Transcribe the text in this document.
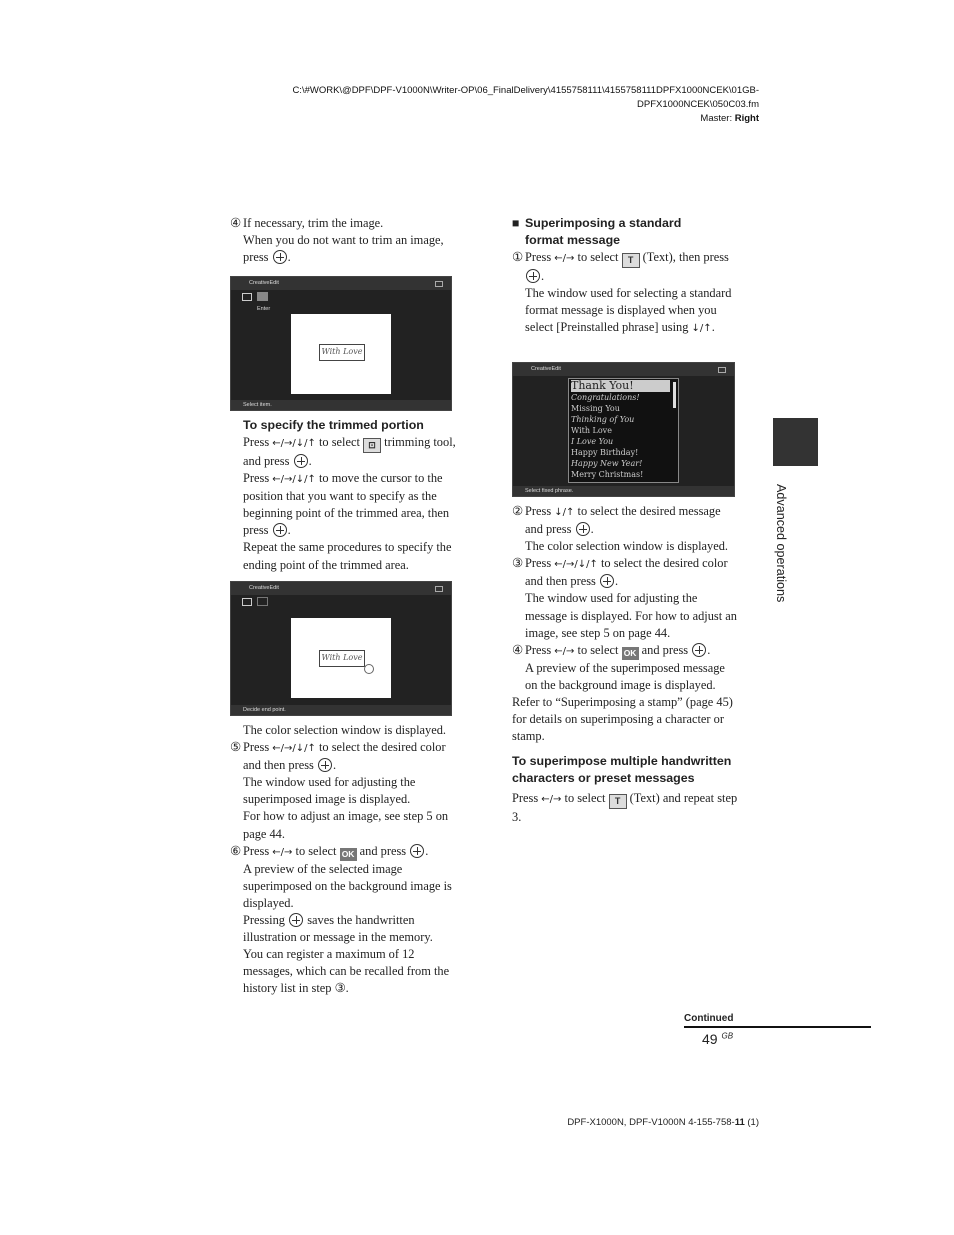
C:\#WORK\@DPF\DPF-V1000N\Writer-OP\06_FinalDelivery\4155758111\4155758111DPFX1000NCEK\01GB-
DPFX1000NCEK\050C03.fm
Master: Right

④ If necessary, trim the image.
When you do not want to trim an image, press .

CreativeEdit
Enter
With Love
Select item.

To specify the trimmed portion

Press ←/→/↓/↑ to select ⊡ trimming tool, and press .

Press ←/→/↓/↑ to move the cursor to the position that you want to specify as the beginning point of the trimmed area, then press .

Repeat the same procedures to specify the ending point of the trimmed area.

CreativeEdit
With Love
Decide end point.

The color selection window is displayed.

⑤ Press ←/→/↓/↑ to select the desired color and then press .

The window used for adjusting the superimposed image is displayed.

For how to adjust an image, see step 5 on page 44.

⑥ Press ←/→ to select OK and press .

A preview of the selected image superimposed on the background image is displayed.

Pressing  saves the handwritten illustration or message in the memory. You can register a maximum of 12 messages, which can be recalled from the history list in step ③.

■ Superimposing a standard
format message

① Press ←/→ to select T (Text), then press .

The window used for selecting a standard format message is displayed when you select [Preinstalled phrase] using ↓/↑.

CreativeEdit
Thank You!
Congratulations!
Missing You
Thinking of You
With Love
I Love You
Happy Birthday!
Happy New Year!
Merry Christmas!
Select fixed phrase.

② Press ↓/↑ to select the desired message and press .

The color selection window is displayed.

③ Press ←/→/↓/↑ to select the desired color and then press .

The window used for adjusting the message is displayed. For how to adjust an image, see step 5 on page 44.

④ Press ←/→ to select OK and press .

A preview of the superimposed message on the background image is displayed.

Refer to “Superimposing a stamp” (page 45) for details on superimposing a character or stamp.

To superimpose multiple handwritten characters or preset messages

Press ←/→ to select T (Text) and repeat step 3.

Advanced operations
Continued
49 $^{GB}$
DPF-X1000N, DPF-V1000N 4-155-758-11 (1)
